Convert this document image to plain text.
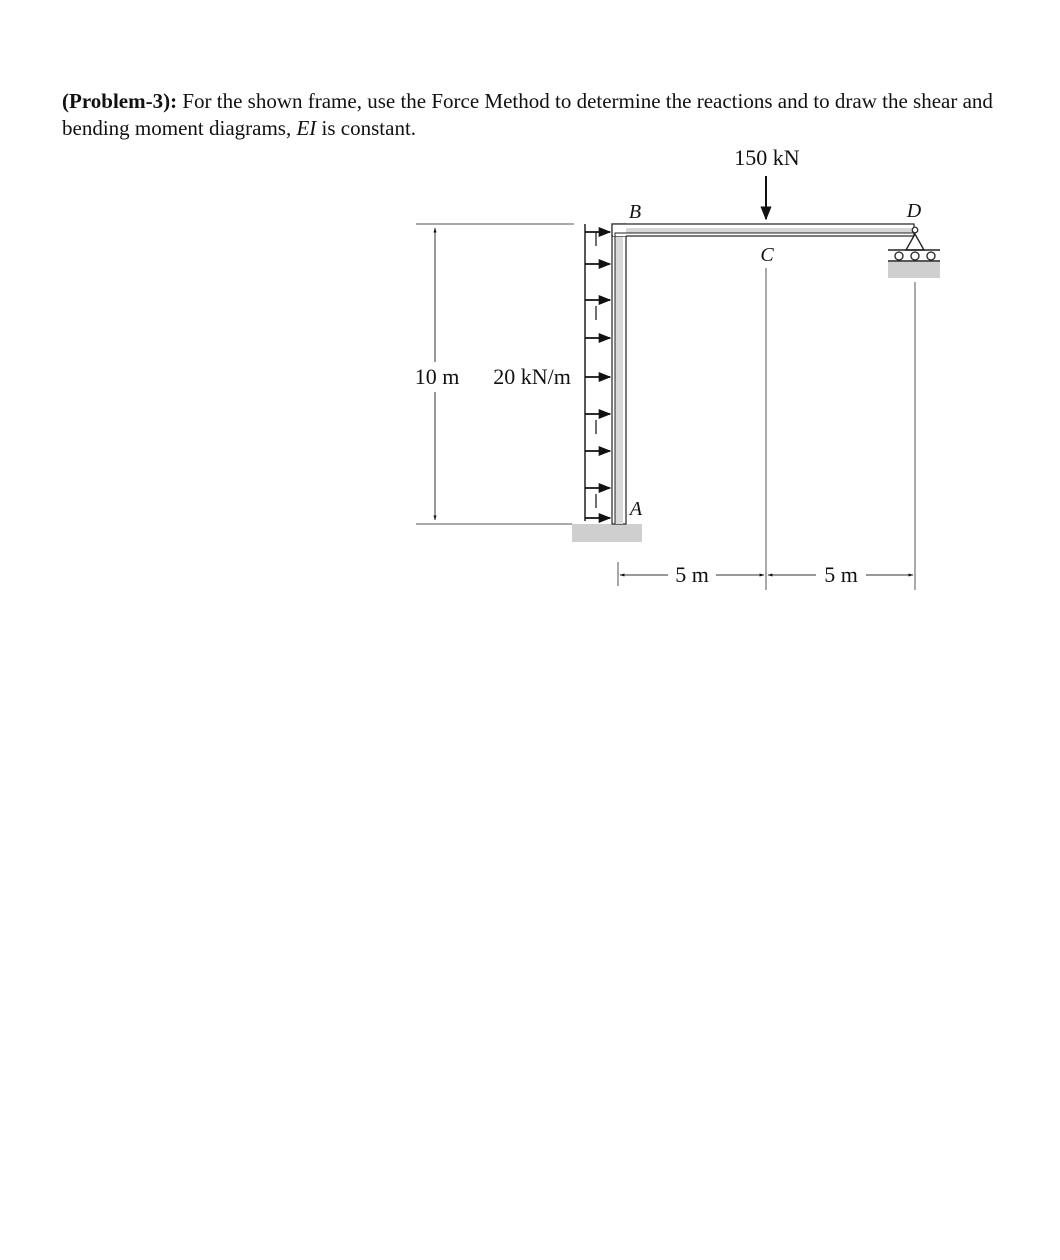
(Problem-3): For the shown frame, use the Force Method to determine the reactions and to draw the shear and bending moment diagrams, EI is constant.
150 kN
B
C
D
A
10 m 20 kN/m
5 m	5 m
